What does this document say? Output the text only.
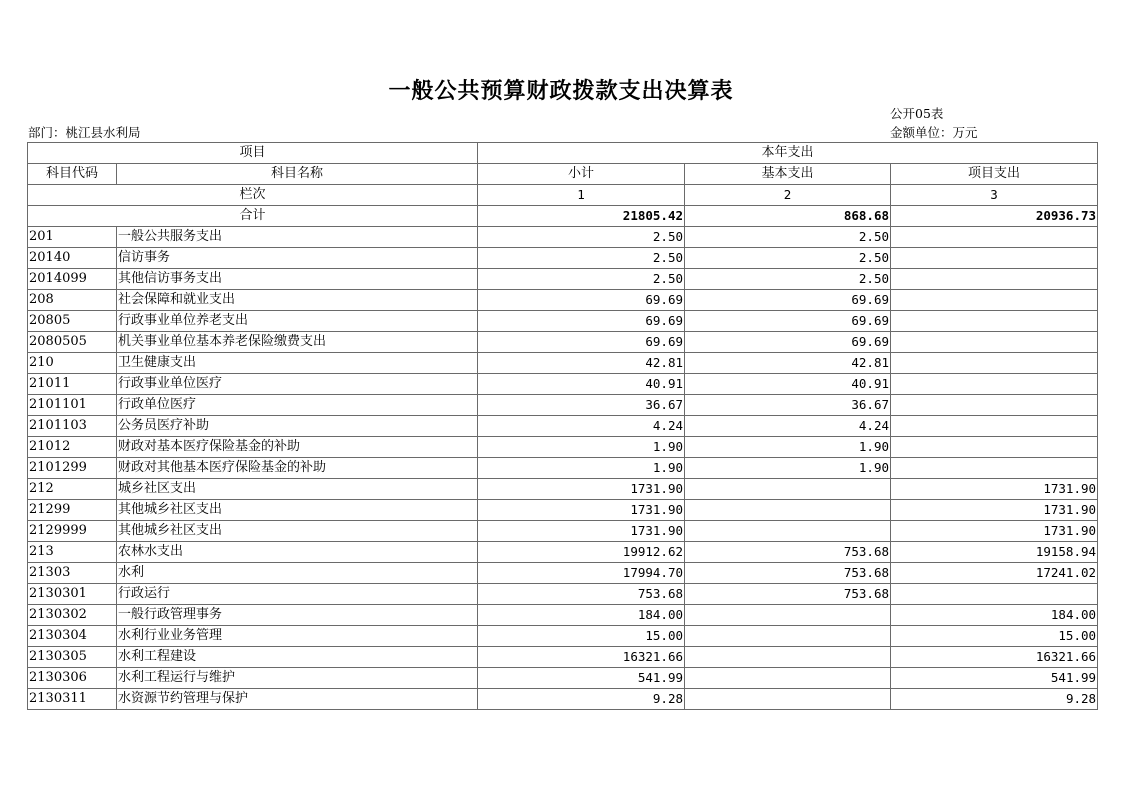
一般公共预算财政拨款支出决算表
公开05表
部门：桃江县水利局	金额单位：万元
项目		本年支出		
科目代码	科目名称	小计	基本支出	项目支出
栏次		1	2	3
合计		21805.42	868.68	20936.73
201	一般公共服务支出	2.50	2.50	
20140	信访事务	2.50	2.50	
2014099	其他信访事务支出	2.50	2.50	
208	社会保障和就业支出	69.69	69.69	
20805	行政事业单位养老支出	69.69	69.69	
2080505	机关事业单位基本养老保险缴费支出	69.69	69.69	
210	卫生健康支出	42.81	42.81	
21011	行政事业单位医疗	40.91	40.91	
2101101	行政单位医疗	36.67	36.67	
2101103	公务员医疗补助	4.24	4.24	
21012	财政对基本医疗保险基金的补助	1.90	1.90	
2101299	财政对其他基本医疗保险基金的补助	1.90	1.90	
212	城乡社区支出	1731.90		1731.90
21299	其他城乡社区支出	1731.90		1731.90
2129999	其他城乡社区支出	1731.90		1731.90
213	农林水支出	19912.62	753.68	19158.94
21303	水利	17994.70	753.68	17241.02
2130301	行政运行	753.68	753.68	
2130302	一般行政管理事务	184.00		184.00
2130304	水利行业业务管理	15.00		15.00
2130305	水利工程建设	16321.66		16321.66
2130306	水利工程运行与维护	541.99		541.99
2130311	水资源节约管理与保护	9.28		9.28
